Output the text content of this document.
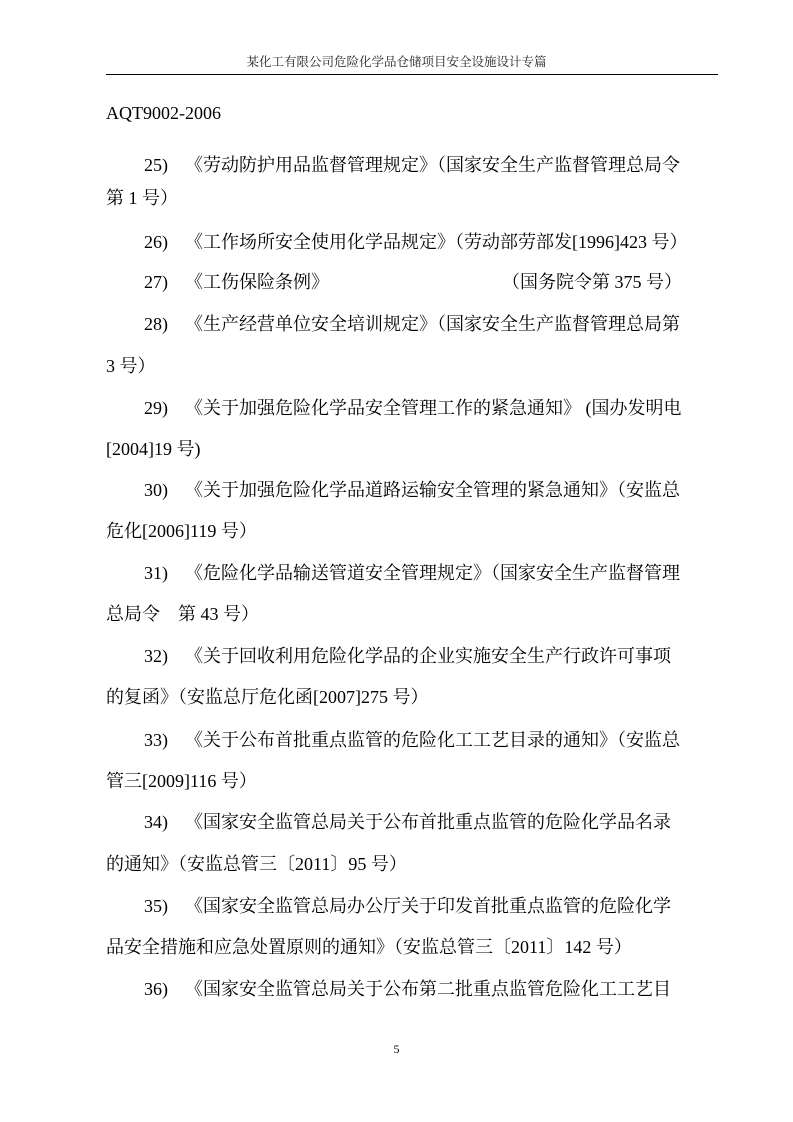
某化工有限公司危险化学品仓储项目安全设施设计专篇
AQT9002-2006
25) 《劳动防护用品监督管理规定》（国家安全生产监督管理总局令
第 1 号）
26) 《工作场所安全使用化学品规定》（劳动部劳部发[1996]423 号）
27) 《工伤保险条例》	（国务院令第 375 号）
28) 《生产经营单位安全培训规定》（国家安全生产监督管理总局第
3 号）
29) 《关于加强危险化学品安全管理工作的紧急通知》 (国办发明电
[2004]19 号)
30) 《关于加强危险化学品道路运输安全管理的紧急通知》（安监总
危化[2006]119 号）
31) 《危险化学品输送管道安全管理规定》（国家安全生产监督管理
总局令　第 43 号）
32) 《关于回收利用危险化学品的企业实施安全生产行政许可事项
的复函》（安监总厅危化函[2007]275 号）
33) 《关于公布首批重点监管的危险化工工艺目录的通知》（安监总
管三[2009]116 号）
34) 《国家安全监管总局关于公布首批重点监管的危险化学品名录
的通知》（安监总管三〔2011〕95 号）
35) 《国家安全监管总局办公厅关于印发首批重点监管的危险化学
品安全措施和应急处置原则的通知》（安监总管三〔2011〕142 号）
36) 《国家安全监管总局关于公布第二批重点监管危险化工工艺目
5
